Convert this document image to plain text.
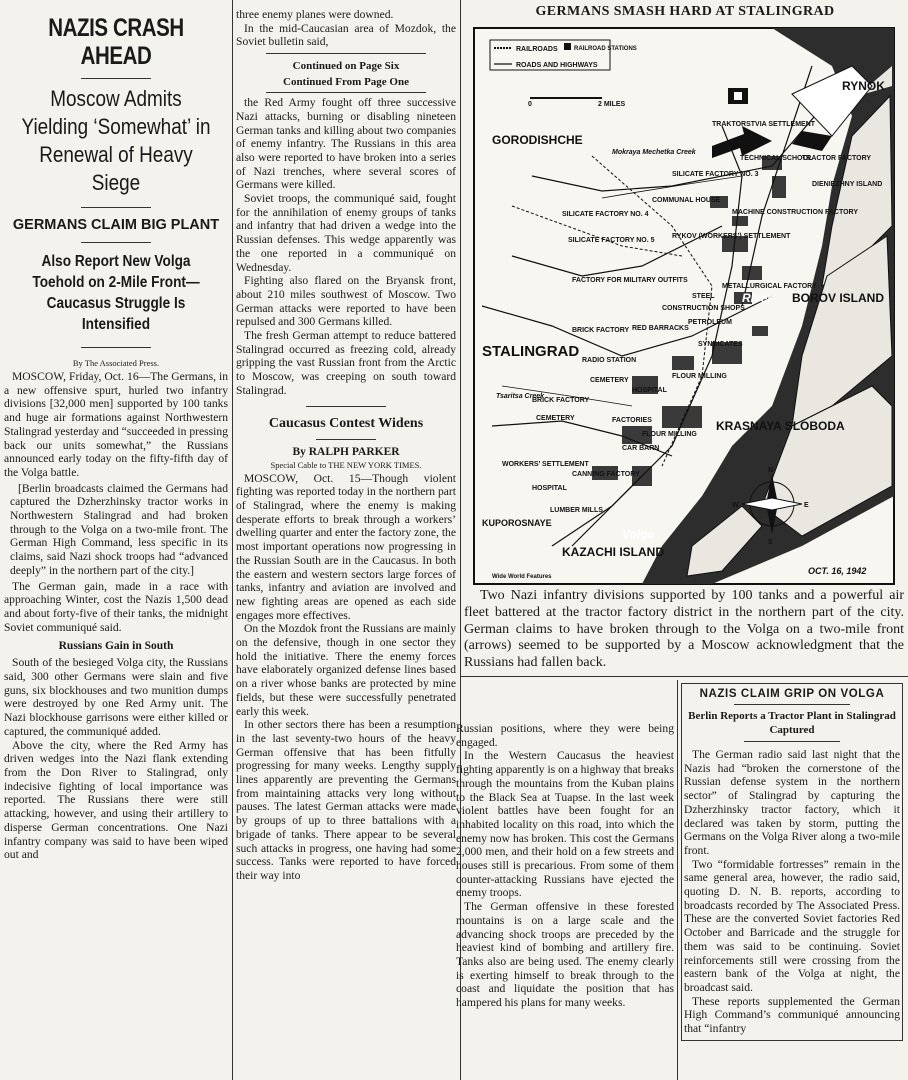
NAZIS CRASH AHEAD
Moscow Admits Yielding ‘Somewhat’ in Renewal of Heavy Siege
GERMANS CLAIM BIG PLANT
Also Report New Volga Toehold on 2-Mile Front—Caucasus Struggle Is Intensified
By The Associated Press.

MOSCOW, Friday, Oct. 16—The Germans, in a new offensive spurt, hurled two infantry divisions [32,000 men] supported by 100 tanks and huge air formations against Northwestern Stalingrad yesterday and “succeeded in pressing back our units somewhat,” the Russians announced early today on the fifty-fifth day of the Volga battle.

[Berlin broadcasts claimed the Germans had captured the Dzherzhinsky tractor works in Northwestern Stalingrad and had broken through to the Volga on a two-mile front. The German High Command, less specific in its claims, said Nazi shock troops had “advanced deeply” in the northern part of the city.]

The German gain, made in a race with approaching Winter, cost the Nazis 1,500 dead and about forty-five of their tanks, the midnight Soviet communiqué said.

Russians Gain in South

South of the besieged Volga city, the Russians said, 300 other Germans were slain and five guns, six blockhouses and two munition dumps were destroyed by one Red Army unit. The Nazi blockhouse garrisons were either killed or captured, the communiqué added.

Above the city, where the Red Army has driven wedges into the Nazi flank extending from the Don River to Stalingrad, only indecisive fighting of local importance was reported. The Russians there were still attacking, however, and using their artillery to disperse German concentrations. One Nazi infantry company was said to have been wiped out and

three enemy planes were downed.

In the mid-Caucasian area of Mozdok, the Soviet bulletin said,

Continued on Page Six
Continued From Page One

the Red Army fought off three successive Nazi attacks, burning or disabling nineteen German tanks and killing about two companies of enemy infantry. The Russians in this area also were reported to have broken into a series of Nazi trenches, where several scores of Germans were killed.

Soviet troops, the communiqué said, fought for the annihilation of enemy groups of tanks and infantry that had driven a wedge into the Russian defenses. This wedge apparently was the one reported in a communiqué on Wednesday.

Fighting also flared on the Bryansk front, about 210 miles southwest of Moscow. Two German attacks were reported to have been repulsed and 300 Germans killed.

The fresh German attempt to reduce battered Stalingrad occurred as freezing cold, already gripping the vast Russian front from the Arctic to Moscow, was creeping on south toward Stalingrad.

Caucasus Contest Widens
By RALPH PARKER
Special Cable to THE NEW YORK TIMES.

MOSCOW, Oct. 15—Though violent fighting was reported today in the northern part of Stalingrad, where the enemy is making desperate efforts to break through a workers’ dwelling quarter and enter the factory zone, the most important operations now progressing in the Russian South are in the Caucasus. In both the eastern and western sectors large forces of tanks, infantry and aviation are involved and new fighting areas are opened as each side engages more effectives.

On the Mozdok front the Russians are mainly on the defensive, though in one sector they hold the initiative. There the enemy forces have elaborately organized defense lines based on a river whose banks are protected by mine fields, but these were successfully penetrated early this week.

In other sectors there has been a resumption in the last seventy-two hours of the heavy German offensive that has been fitfully progressing for many weeks. Lengthy supply lines apparently are preventing the Germans from maintaining attacks very long without pauses. The latest German attacks were made by groups of up to three battalions with a brigade of tanks. There appear to be several such attacks in progress, one having had some success. Tanks were reported to have forced their way into

Russian positions, where they were being engaged.

In the Western Caucasus the heaviest fighting apparently is on a highway that breaks through the mountains from the Kuban plains to the Black Sea at Tuapse. In the last week violent battles have been fought for an inhabited locality on this road, into which the enemy now has broken. This cost the Germans 2,000 men, and their hold on a few streets and houses still is precarious. From some of them counter-attacking Russians have ejected the enemy troops.

The German offensive in these forested mountains is on a large scale and the advancing shock troops are preceded by the heaviest kind of bombing and artillery fire. Tanks also are being used. The enemy clearly is exerting himself to break through to the coast and liquidate the position that has hampered his plans for many weeks.

NAZIS CLAIM GRIP ON VOLGA
Berlin Reports a Tractor Plant in Stalingrad Captured

The German radio said last night that the Nazis had “broken the cornerstone of the Russian defense system in the northern sector” of Stalingrad by capturing the Dzherzhinsky tractor factory, which it declared was taken by storm, putting the Germans on the Volga River along a two-mile front.

Two “formidable fortresses” remain in the same general area, however, the radio said, quoting D. N. B. reports, according to broadcasts recorded by The Associated Press. These are the converted Soviet factories Red October and Barricade and the struggle for them was said to be continuing. Soviet reinforcements still were crossing from the eastern bank of the Volga at night, the broadcast said.

These reports supplemented the German High Command’s communiqué announcing that “infantry

GERMANS SMASH HARD AT STALINGRAD
RAILROADS	RAILROAD STATIONS
ROADS AND HIGHWAYS
0	2 MILES
RYNOK
GORODISHCHE
Mokraya Mechetka Creek
TRAKTORSTVIA SETTLEMENT
TECHNICAL SCHOOL
TRACTOR FACTORY
SILICATE FACTORY NO. 3
DIENIEZHNY ISLAND
COMMUNAL HOUSE
SILICATE FACTORY NO. 4	MACHINE CONSTRUCTION FACTORY
RYKOV (WORKERS’) SETTLEMENT
SILICATE FACTORY NO. 5
FACTORY FOR MILITARY OUTFITS
METALLURGICAL FACTORY
STEEL	BOROV ISLAND
CONSTRUCTION SHOPS
PETROLEUM
BRICK FACTORY RED BARRACKS
SYNDICATES
STALINGRAD
RADIO STATION
CEMETERY
HOSPITAL
FLOUR MILLING
Tsaritsa Creek
BRICK FACTORY
CEMETERY	FACTORIES
FLOUR MILLING
KRASNAYA SLOBODA
CAR BARN
WORKERS’ SETTLEMENT
CANNING FACTORY
HOSPITAL
LUMBER MILLS
KUPOROSNAYE
Volga
River
KAZACHI ISLAND
Wide World Features
N
E
S
W
OCT. 16, 1942

Two Nazi infantry divisions supported by 100 tanks and a powerful air fleet battered at the tractor factory district in the northern part of the city. German claims to have broken through to the Volga on a two-mile front (arrows) seemed to be supported by a Moscow acknowledgment that the Russians had fallen back.
